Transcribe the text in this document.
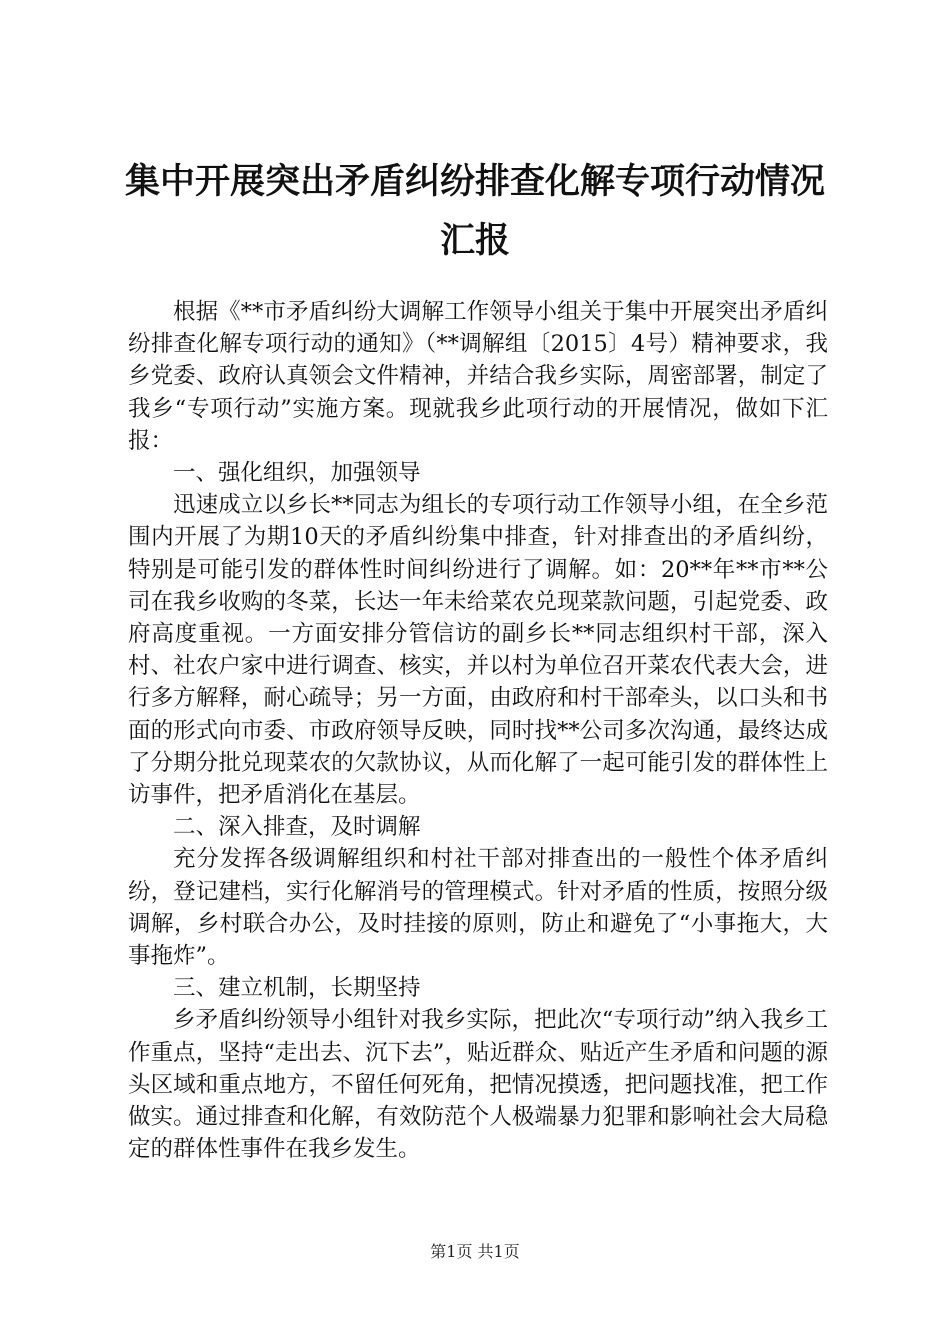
集中开展突出矛盾纠纷排查化解专项行动情况
汇报

根据《**市矛盾纠纷大调解工作领导小组关于集中开展突出矛盾纠纷排查化解专项行动的通知》（**调解组〔2015〕4号）精神要求，我乡党委、政府认真领会文件精神，并结合我乡实际，周密部署，制定了我乡“专项行动”实施方案。现就我乡此项行动的开展情况，做如下汇报：

一、强化组织，加强领导

迅速成立以乡长**同志为组长的专项行动工作领导小组，在全乡范围内开展了为期10天的矛盾纠纷集中排查，针对排查出的矛盾纠纷，特别是可能引发的群体性时间纠纷进行了调解。如：20**年**市**公司在我乡收购的冬菜，长达一年未给菜农兑现菜款问题，引起党委、政府高度重视。一方面安排分管信访的副乡长**同志组织村干部，深入村、社农户家中进行调查、核实，并以村为单位召开菜农代表大会，进行多方解释，耐心疏导；另一方面，由政府和村干部牵头，以口头和书面的形式向市委、市政府领导反映，同时找**公司多次沟通，最终达成了分期分批兑现菜农的欠款协议，从而化解了一起可能引发的群体性上访事件，把矛盾消化在基层。

二、深入排查，及时调解

充分发挥各级调解组织和村社干部对排查出的一般性个体矛盾纠纷，登记建档，实行化解消号的管理模式。针对矛盾的性质，按照分级调解，乡村联合办公，及时挂接的原则，防止和避免了“小事拖大，大事拖炸”。

三、建立机制，长期坚持

乡矛盾纠纷领导小组针对我乡实际，把此次“专项行动”纳入我乡工作重点，坚持“走出去、沉下去”，贴近群众、贴近产生矛盾和问题的源头区域和重点地方，不留任何死角，把情况摸透，把问题找准，把工作做实。通过排查和化解，有效防范个人极端暴力犯罪和影响社会大局稳定的群体性事件在我乡发生。

第1页 共1页
